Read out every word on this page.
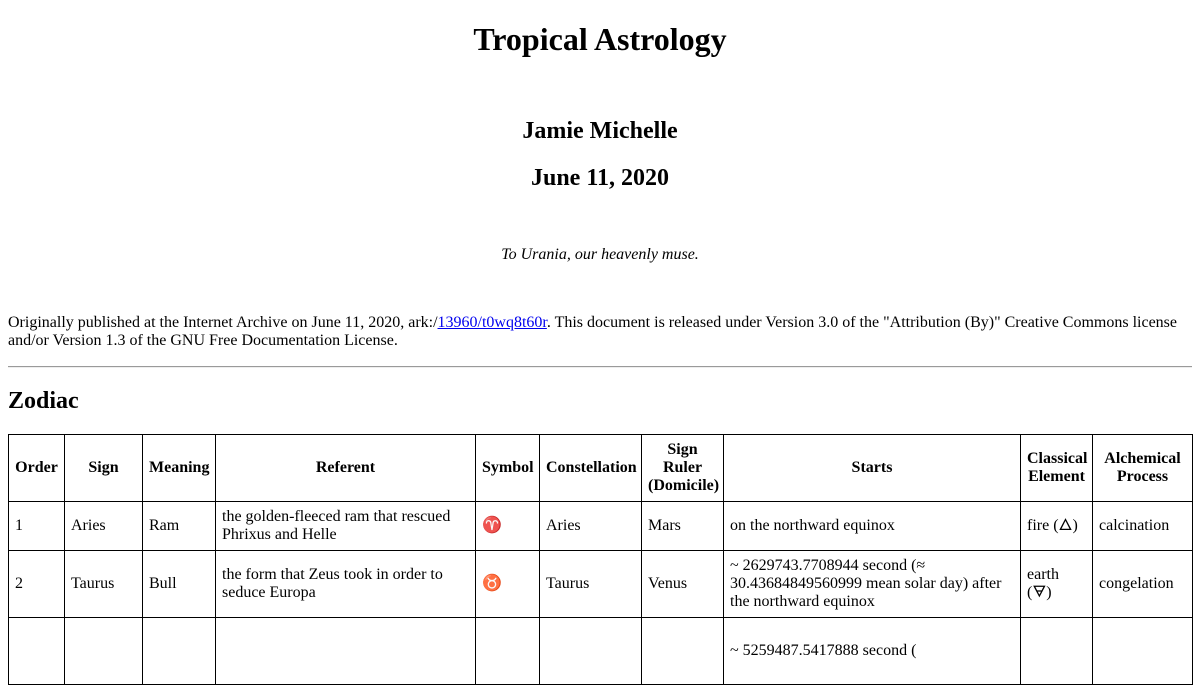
Tropical Astrology
Jamie Michelle
June 11, 2020

To Urania, our heavenly muse.

Originally published at the Internet Archive on June 11, 2020, ark:/13960/t0wq8t60r. This document is released under Version 3.0 of the "Attribution (By)" Creative Commons license and/or Version 1.3 of the GNU Free Documentation License.

Zodiac
Order	Sign	Meaning	Referent	Symbol	Constellation	Sign Ruler (Domicile)	Starts	Classical Element	Alchemical Process
1	Aries	Ram	the golden-fleeced ram that rescued Phrixus and Helle	♈	Aries	Mars	on the northward equinox	fire (🜂)	calcination
2	Taurus	Bull	the form that Zeus took in order to seduce Europa	♉	Taurus	Venus	~ 2629743.7708944 second (≈ 30.43684849560999 mean solar day) after the northward equinox	earth (🜃)	congelation
							~ 5259487.5417888 second (		
